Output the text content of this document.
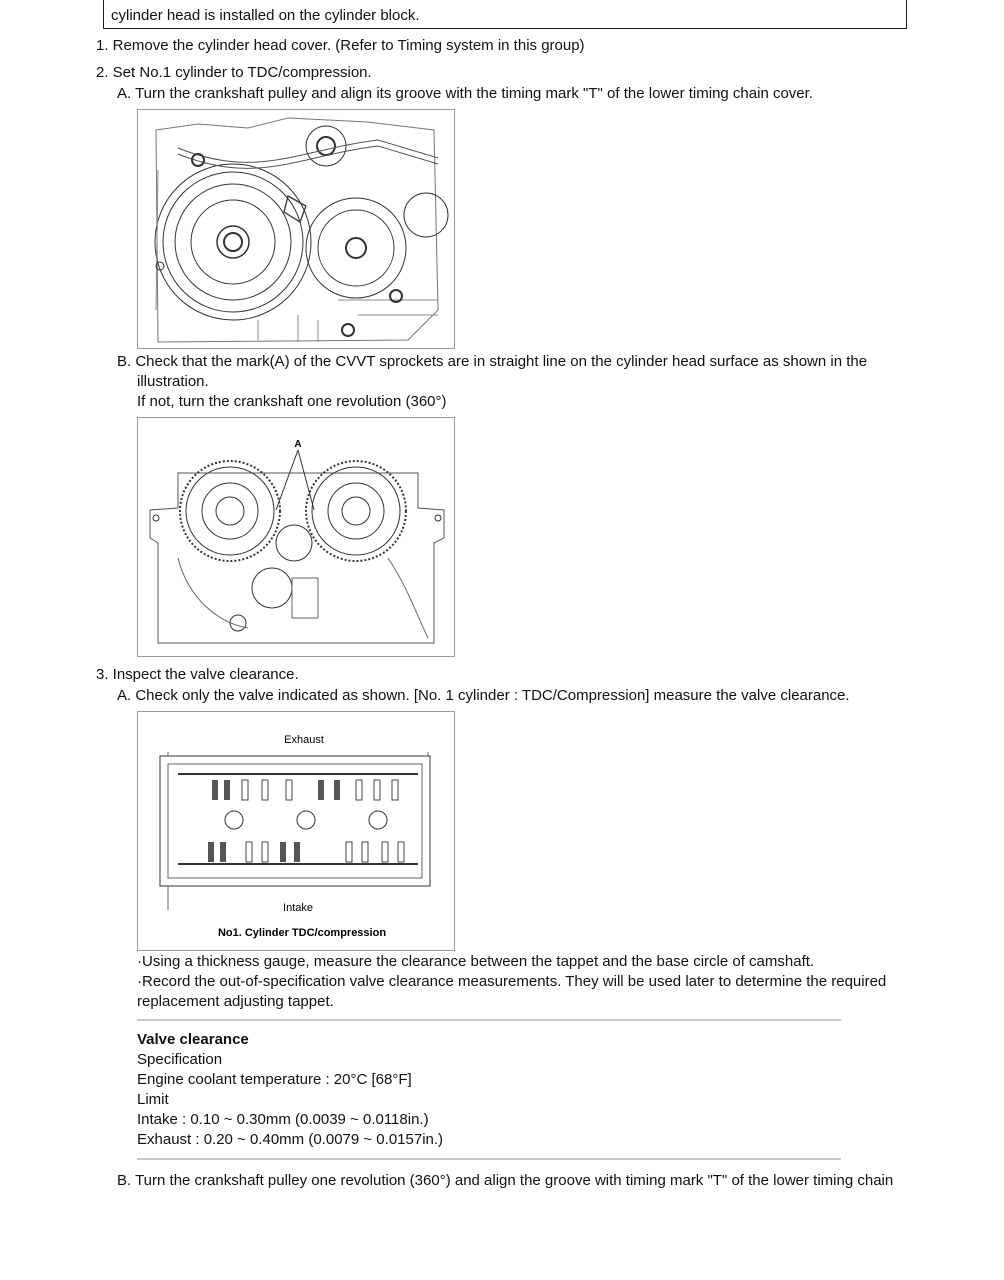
cylinder head is installed on the cylinder block.
1. Remove the cylinder head cover. (Refer to Timing system in this group)
2. Set No.1 cylinder to TDC/compression.
A. Turn the crankshaft pulley and align its groove with the timing mark "T" of the lower timing chain cover.
B. Check that the mark(A) of the CVVT sprockets are in straight line on the cylinder head surface as shown in the
illustration.
If not, turn the crankshaft one revolution (360°)
A
3. Inspect the valve clearance.
A. Check only the valve indicated as shown. [No. 1 cylinder : TDC/Compression] measure the valve clearance.
Exhaust
Intake
No1. Cylinder TDC/compression
·Using a thickness gauge, measure the clearance between the tappet and the base circle of camshaft.
·Record the out-of-specification valve clearance measurements. They will be used later to determine the required
replacement adjusting tappet.
Valve clearance
Specification
Engine coolant temperature : 20°C [68°F]
Limit
Intake : 0.10 ~ 0.30mm (0.0039 ~ 0.0118in.)
Exhaust : 0.20 ~ 0.40mm (0.0079 ~ 0.0157in.)
B. Turn the crankshaft pulley one revolution (360°) and align the groove with timing mark "T" of the lower timing chain
